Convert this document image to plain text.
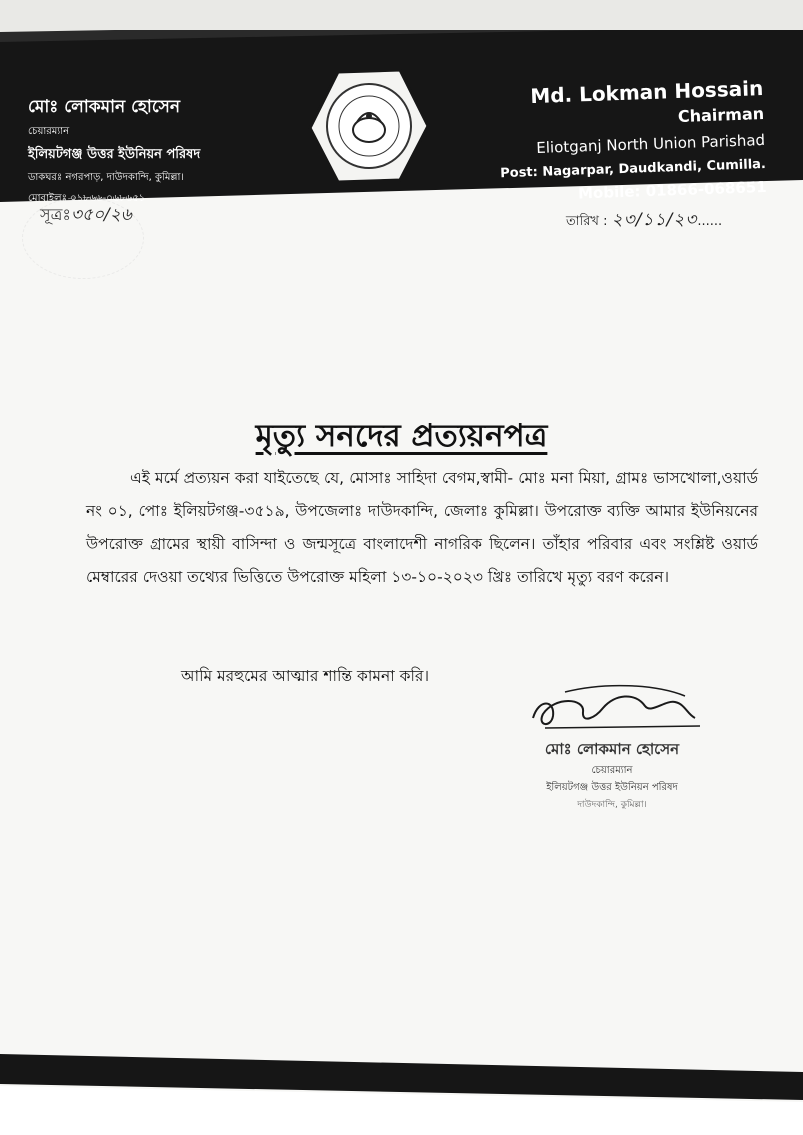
মোঃ লোকমান হোসেন
চেয়ারম্যান
ইলিয়টগঞ্জ উত্তর ইউনিয়ন পরিষদ
ডাকঘরঃ নগরপাড়, দাউদকান্দি, কুমিল্লা।
মোবাইলঃ ০১৮৬৬-০৬৮৬৫১
Md. Lokman Hossain
Chairman
Eliotganj North Union Parishad
Post: Nagarpar, Daudkandi, Cumilla.
Mobile: 01866-068651
সূত্রঃ৩৫০/২৬	তারিখ : ২৩/১১/২৩......
মৃত্যু সনদের প্রত্যয়নপত্র
এই মর্মে প্রত্যয়ন করা যাইতেছে যে, মোসাঃ সাহিদা বেগম,স্বামী- মোঃ মনা মিয়া, গ্রামঃ ভাসখোলা,ওয়ার্ড নং ০১, পোঃ ইলিয়টগঞ্জ-৩৫১৯, উপজেলাঃ দাউদকান্দি, জেলাঃ কুমিল্লা। উপরোক্ত ব্যক্তি আমার ইউনিয়নের উপরোক্ত গ্রামের স্থায়ী বাসিন্দা ও জন্মসূত্রে বাংলাদেশী নাগরিক ছিলেন। তাঁহার পরিবার এবং সংশ্লিষ্ট ওয়ার্ড মেম্বারের দেওয়া তথ্যের ভিত্তিতে উপরোক্ত মহিলা ১৩-১০-২০২৩ খ্রিঃ তারিখে মৃত্যু বরণ করেন।
আমি মরহুমের আত্মার শান্তি কামনা করি।
মোঃ লোকমান হোসেন
চেয়ারম্যান
ইলিয়টগঞ্জ উত্তর ইউনিয়ন পরিষদ
দাউদকান্দি, কুমিল্লা।
